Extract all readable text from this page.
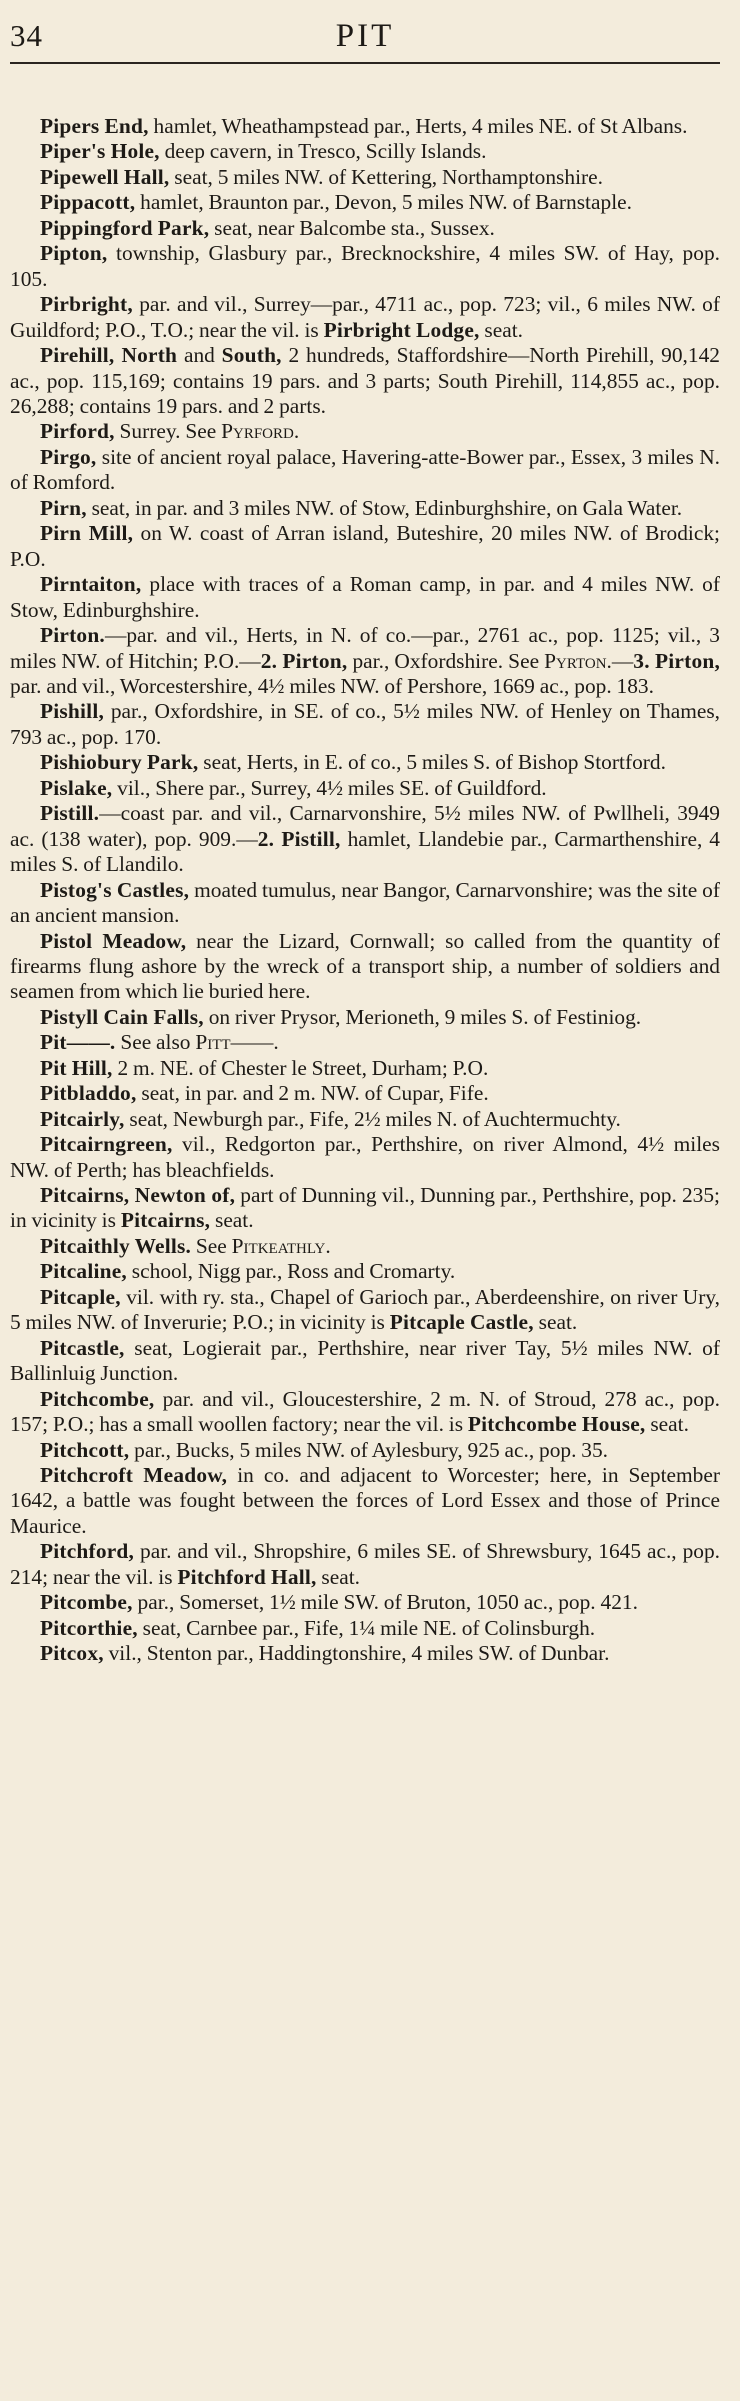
34	PIT

Pipers End, hamlet, Wheathampstead par., Herts, 4 miles NE. of St Albans.

Piper's Hole, deep cavern, in Tresco, Scilly Islands.

Pipewell Hall, seat, 5 miles NW. of Kettering, Northamptonshire.

Pippacott, hamlet, Braunton par., Devon, 5 miles NW. of Barnstaple.

Pippingford Park, seat, near Balcombe sta., Sussex.

Pipton, township, Glasbury par., Brecknockshire, 4 miles SW. of Hay, pop. 105.

Pirbright, par. and vil., Surrey—par., 4711 ac., pop. 723; vil., 6 miles NW. of Guildford; P.O., T.O.; near the vil. is Pirbright Lodge, seat.

Pirehill, North and South, 2 hundreds, Staffordshire—North Pirehill, 90,142 ac., pop. 115,169; contains 19 pars. and 3 parts; South Pirehill, 114,855 ac., pop. 26,288; contains 19 pars. and 2 parts.

Pirford, Surrey. See Pyrford.

Pirgo, site of ancient royal palace, Havering-atte-Bower par., Essex, 3 miles N. of Romford.

Pirn, seat, in par. and 3 miles NW. of Stow, Edinburghshire, on Gala Water.

Pirn Mill, on W. coast of Arran island, Buteshire, 20 miles NW. of Brodick; P.O.

Pirntaiton, place with traces of a Roman camp, in par. and 4 miles NW. of Stow, Edinburghshire.

Pirton.—par. and vil., Herts, in N. of co.—par., 2761 ac., pop. 1125; vil., 3 miles NW. of Hitchin; P.O.—2. Pirton, par., Oxfordshire. See Pyrton.—3. Pirton, par. and vil., Worcestershire, 4½ miles NW. of Pershore, 1669 ac., pop. 183.

Pishill, par., Oxfordshire, in SE. of co., 5½ miles NW. of Henley on Thames, 793 ac., pop. 170.

Pishiobury Park, seat, Herts, in E. of co., 5 miles S. of Bishop Stortford.

Pislake, vil., Shere par., Surrey, 4½ miles SE. of Guildford.

Pistill.—coast par. and vil., Carnarvonshire, 5½ miles NW. of Pwllheli, 3949 ac. (138 water), pop. 909.—2. Pistill, hamlet, Llandebie par., Carmarthenshire, 4 miles S. of Llandilo.

Pistog's Castles, moated tumulus, near Bangor, Carnarvonshire; was the site of an ancient mansion.

Pistol Meadow, near the Lizard, Cornwall; so called from the quantity of firearms flung ashore by the wreck of a transport ship, a number of soldiers and seamen from which lie buried here.

Pistyll Cain Falls, on river Prysor, Merioneth, 9 miles S. of Festiniog.

Pit——. See also Pitt——.

Pit Hill, 2 m. NE. of Chester le Street, Durham; P.O.

Pitbladdo, seat, in par. and 2 m. NW. of Cupar, Fife.

Pitcairly, seat, Newburgh par., Fife, 2½ miles N. of Auchtermuchty.

Pitcairngreen, vil., Redgorton par., Perthshire, on river Almond, 4½ miles NW. of Perth; has bleachfields.

Pitcairns, Newton of, part of Dunning vil., Dunning par., Perthshire, pop. 235; in vicinity is Pitcairns, seat.

Pitcaithly Wells. See Pitkeathly.

Pitcaline, school, Nigg par., Ross and Cromarty.

Pitcaple, vil. with ry. sta., Chapel of Garioch par., Aberdeenshire, on river Ury, 5 miles NW. of Inverurie; P.O.; in vicinity is Pitcaple Castle, seat.

Pitcastle, seat, Logierait par., Perthshire, near river Tay, 5½ miles NW. of Ballinluig Junction.

Pitchcombe, par. and vil., Gloucestershire, 2 m. N. of Stroud, 278 ac., pop. 157; P.O.; has a small woollen factory; near the vil. is Pitchcombe House, seat.

Pitchcott, par., Bucks, 5 miles NW. of Aylesbury, 925 ac., pop. 35.

Pitchcroft Meadow, in co. and adjacent to Worcester; here, in September 1642, a battle was fought between the forces of Lord Essex and those of Prince Maurice.

Pitchford, par. and vil., Shropshire, 6 miles SE. of Shrewsbury, 1645 ac., pop. 214; near the vil. is Pitchford Hall, seat.

Pitcombe, par., Somerset, 1½ mile SW. of Bruton, 1050 ac., pop. 421.

Pitcorthie, seat, Carnbee par., Fife, 1¼ mile NE. of Colinsburgh.

Pitcox, vil., Stenton par., Haddingtonshire, 4 miles SW. of Dunbar.
